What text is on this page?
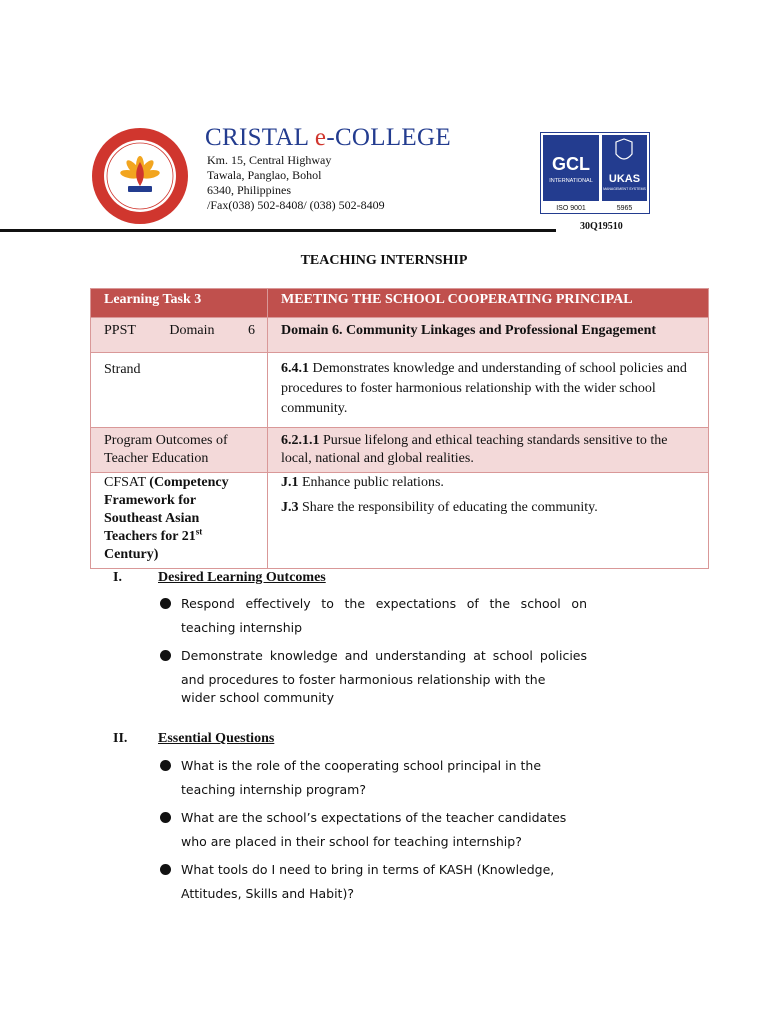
CRISTAL e-COLLEGE
Km. 15, Central Highway
Tawala, Panglao, Bohol
6340, Philippines
/Fax(038) 502-8408/ (038) 502-8409
GCL
INTERNATIONAL UKAS
MANAGEMENT SYSTEMS
ISO 9001	5965
30Q19510
TEACHING INTERNSHIP
Learning Task 3	MEETING THE SCHOOL COOPERATING PRINCIPAL

PPST Domain 6	Domain 6. Community Linkages and Professional Engagement
Strand	6.4.1 Demonstrates knowledge and understanding of school policies and procedures to foster harmonious relationship with the wider school community.
Program Outcomes of Teacher Education	6.2.1.1 Pursue lifelong and ethical teaching standards sensitive to the local, national and global realities.
CFSAT (Competency Framework for Southeast Asian Teachers for 21st Century)	J.1 Enhance public relations.
J.3 Share the responsibility of educating the community.
I.	Desired Learning Outcomes
Respond effectively to the expectations of the school on teaching internship
Demonstrate knowledge and understanding at school policies and procedures to foster harmonious relationship with the
wider school community
II. Essential Questions
What is the role of the cooperating school principal in the teaching internship program?
What are the school’s expectations of the teacher candidates who are placed in their school for teaching internship?
What tools do I need to bring in terms of KASH (Knowledge, Attitudes, Skills and Habit)?
